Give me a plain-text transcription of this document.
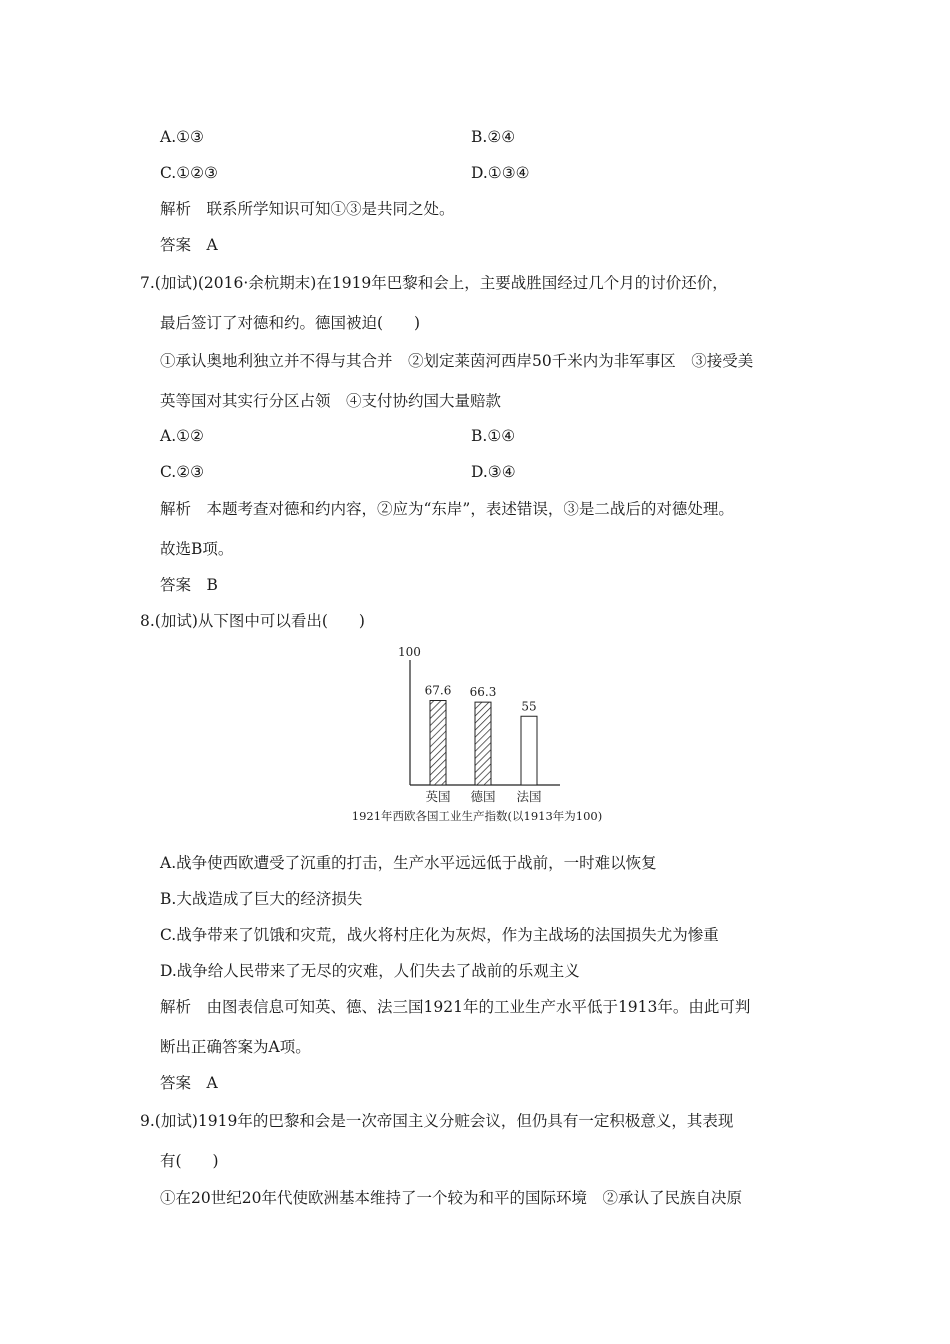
A.①③	B.②④
C.①②③	D.①③④
解析　联系所学知识可知①③是共同之处。
答案　A
7.(加试)(2016·余杭期末)在1919年巴黎和会上，主要战胜国经过几个月的讨价还价，
最后签订了对德和约。德国被迫(　　)
①承认奥地利独立并不得与其合并　②划定莱茵河西岸50千米内为非军事区　③接受美
英等国对其实行分区占领　④支付协约国大量赔款
A.①②	B.①④
C.②③	D.③④
解析　本题考查对德和约内容，②应为“东岸”，表述错误，③是二战后的对德处理。
故选B项。
答案　B
8.(加试)从下图中可以看出(　　)
100
67.6
英国
66.3
德国
55
法国
1921年西欧各国工业生产指数(以1913年为100)
A.战争使西欧遭受了沉重的打击，生产水平远远低于战前，一时难以恢复
B.大战造成了巨大的经济损失
C.战争带来了饥饿和灾荒，战火将村庄化为灰烬，作为主战场的法国损失尤为惨重
D.战争给人民带来了无尽的灾难，人们失去了战前的乐观主义
解析　由图表信息可知英、德、法三国1921年的工业生产水平低于1913年。由此可判
断出正确答案为A项。
答案　A
9.(加试)1919年的巴黎和会是一次帝国主义分赃会议，但仍具有一定积极意义，其表现
有(　　)
①在20世纪20年代使欧洲基本维持了一个较为和平的国际环境　②承认了民族自决原
